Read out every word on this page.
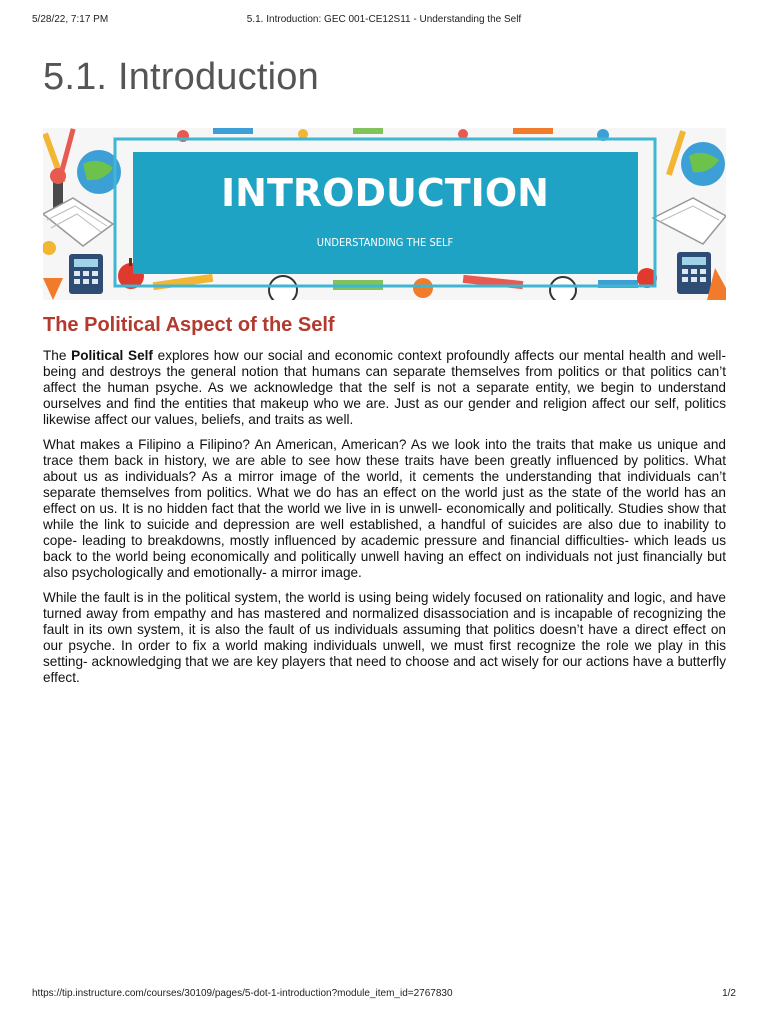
5/28/22, 7:17 PM	5.1. Introduction: GEC 001-CE12S11 - Understanding the Self
5.1. Introduction
INTRODUCTION
UNDERSTANDING THE SELF
The Political Aspect of the Self

The Political Self explores how our social and economic context profoundly affects our mental health and well-being and destroys the general notion that humans can separate themselves from politics or that politics can’t affect the human psyche. As we acknowledge that the self is not a separate entity, we begin to understand ourselves and find the entities that makeup who we are. Just as our gender and religion affect our self, politics likewise affect our values, beliefs, and traits as well.

What makes a Filipino a Filipino? An American, American? As we look into the traits that make us unique and trace them back in history, we are able to see how these traits have been greatly influenced by politics. What about us as individuals? As a mirror image of the world, it cements the understanding that individuals can’t separate themselves from politics. What we do has an effect on the world just as the state of the world has an effect on us. It is no hidden fact that the world we live in is unwell- economically and politically. Studies show that while the link to suicide and depression are well established, a handful of suicides are also due to inability to cope- leading to breakdowns, mostly influenced by academic pressure and financial difficulties- which leads us back to the world being economically and politically unwell having an effect on individuals not just financially but also psychologically and emotionally- a mirror image.

While the fault is in the political system, the world is using being widely focused on rationality and logic, and have turned away from empathy and has mastered and normalized disassociation and is incapable of recognizing the fault in its own system, it is also the fault of us individuals assuming that politics doesn’t have a direct effect on our psyche. In order to fix a world making individuals unwell, we must first recognize the role we play in this setting- acknowledging that we are key players that need to choose and act wisely for our actions have a butterfly effect.

https://tip.instructure.com/courses/30109/pages/5-dot-1-introduction?module_item_id=2767830	1/2
